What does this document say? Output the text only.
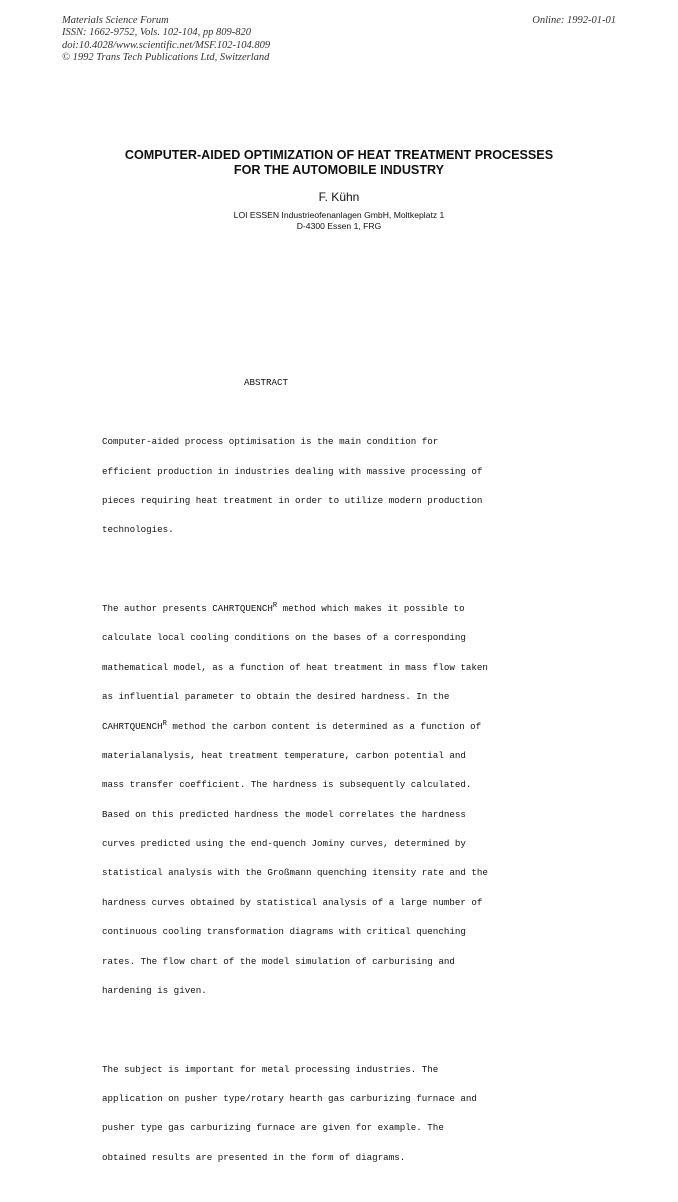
Materials Science Forum
ISSN: 1662-9752, Vols. 102-104, pp 809-820
doi:10.4028/www.scientific.net/MSF.102-104.809
© 1992 Trans Tech Publications Ltd, Switzerland
Online: 1992-01-01
COMPUTER-AIDED OPTIMIZATION OF HEAT TREATMENT PROCESSES
FOR THE AUTOMOBILE INDUSTRY
F. Kühn
LOI ESSEN Industrieofenanlagen GmbH, Moltkeplatz 1
D-4300 Essen 1, FRG
ABSTRACT

Computer-aided process optimisation is the main condition for

efficient production in industries dealing with massive processing of

pieces requiring heat treatment in order to utilize modern production

technologies.

The author presents $CAHRTQUENCH^R$ method which makes it possible to

calculate local cooling conditions on the bases of a corresponding

mathematical model, as a function of heat treatment in mass flow taken

as influential parameter to obtain the desired hardness. In the

$CAHRTQUENCH^R$ method the carbon content is determined as a function of

materialanalysis, heat treatment temperature, carbon potential and

mass transfer coefficient. The hardness is subsequently calculated.

Based on this predicted hardness the model correlates the hardness

curves predicted using the end-quench Jominy curves, determined by

statistical analysis with the Großmann quenching itensity rate and the

hardness curves obtained by statistical analysis of a large number of

continuous cooling transformation diagrams with critical quenching

rates. The flow chart of the model simulation of carburising and

hardening is given.

The subject is important for metal processing industries. The

application on pusher type/rotary hearth gas carburizing furnace and

pusher type gas carburizing furnace are given for example. The

obtained results are presented in the form of diagrams.
